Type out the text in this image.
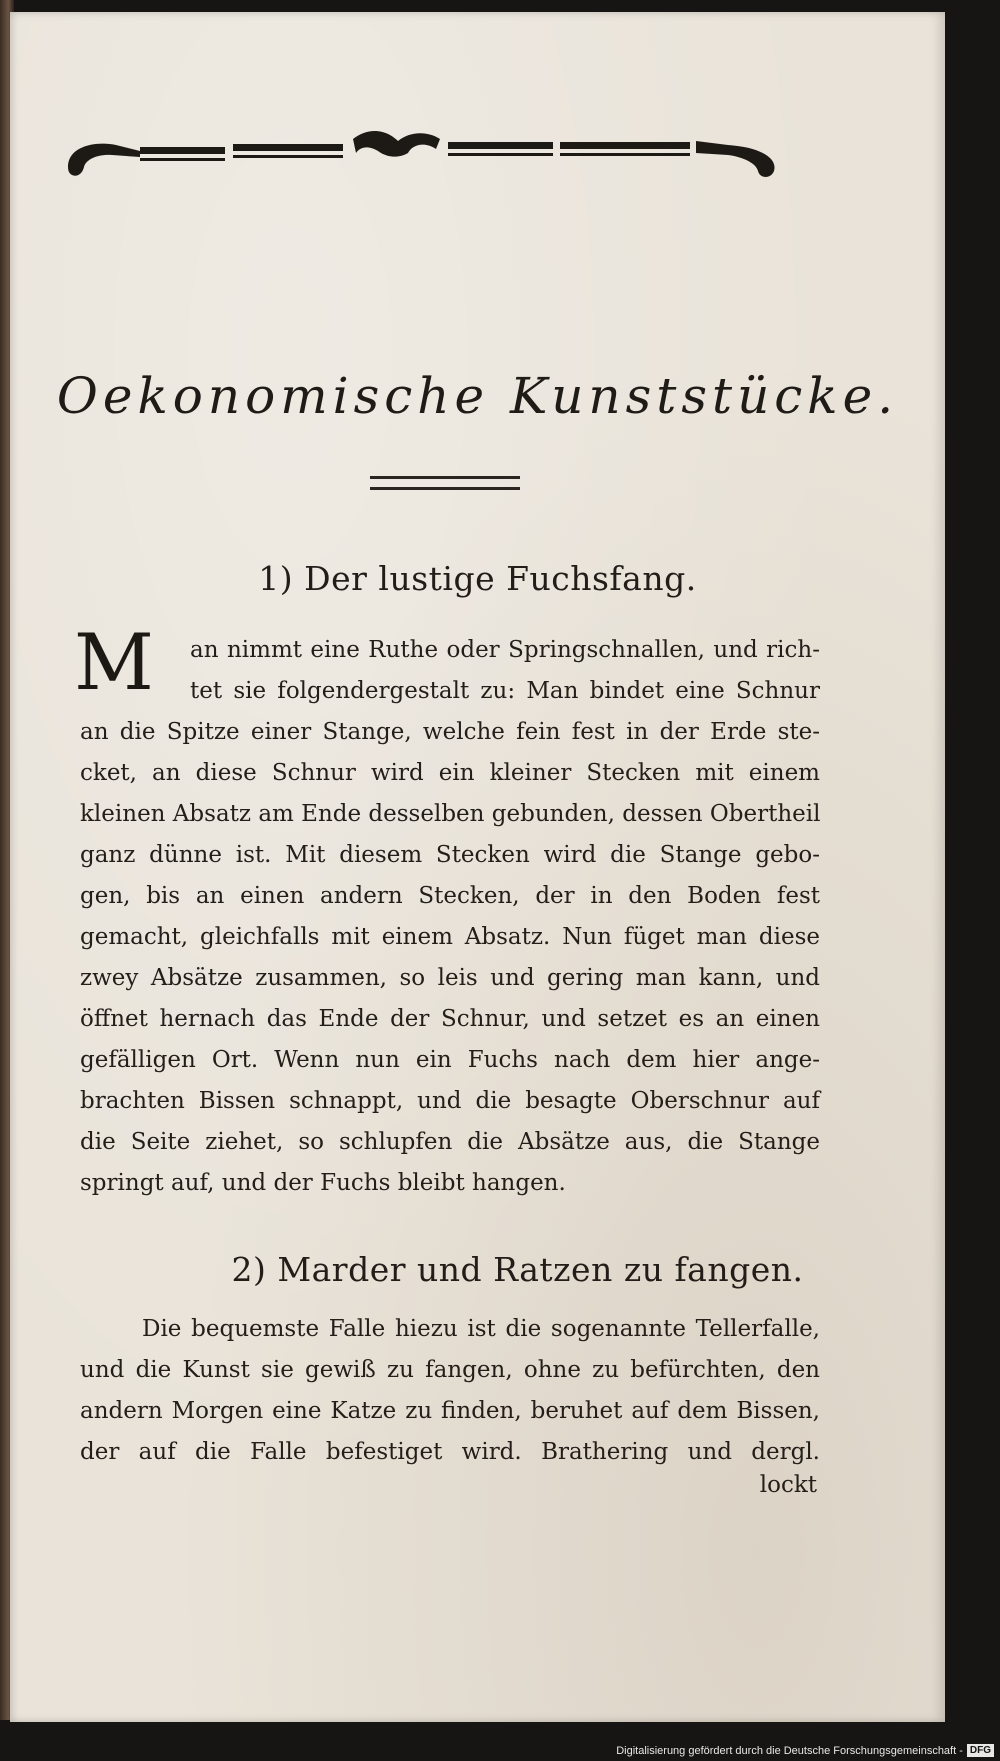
Oekonomische Kunststücke.
1) Der lustige Fuchsfang.
M	an nimmt eine Ruthe oder Springschnallen, und rich-
tet sie folgendergestalt zu: Man bindet eine Schnur
an die Spitze einer Stange, welche fein fest in der Erde ste-
cket, an diese Schnur wird ein kleiner Stecken mit einem
kleinen Absatz am Ende desselben gebunden, dessen Obertheil
ganz dünne ist. Mit diesem Stecken wird die Stange gebo-
gen, bis an einen andern Stecken, der in den Boden fest
gemacht, gleichfalls mit einem Absatz. Nun füget man diese
zwey Absätze zusammen, so leis und gering man kann, und
öffnet hernach das Ende der Schnur, und setzet es an einen
gefälligen Ort. Wenn nun ein Fuchs nach dem hier ange-
brachten Bissen schnappt, und die besagte Oberschnur auf
die Seite ziehet, so schlupfen die Absätze aus, die Stange
springt auf, und der Fuchs bleibt hangen.
2) Marder und Ratzen zu fangen.
Die bequemste Falle hiezu ist die sogenannte Tellerfalle,
und die Kunst sie gewiß zu fangen, ohne zu befürchten, den
andern Morgen eine Katze zu finden, beruhet auf dem Bissen,
der auf die Falle befestiget wird. Brathering und dergl.
lockt
Digitalisierung gefördert durch die Deutsche Forschungsgemeinschaft - DFG
